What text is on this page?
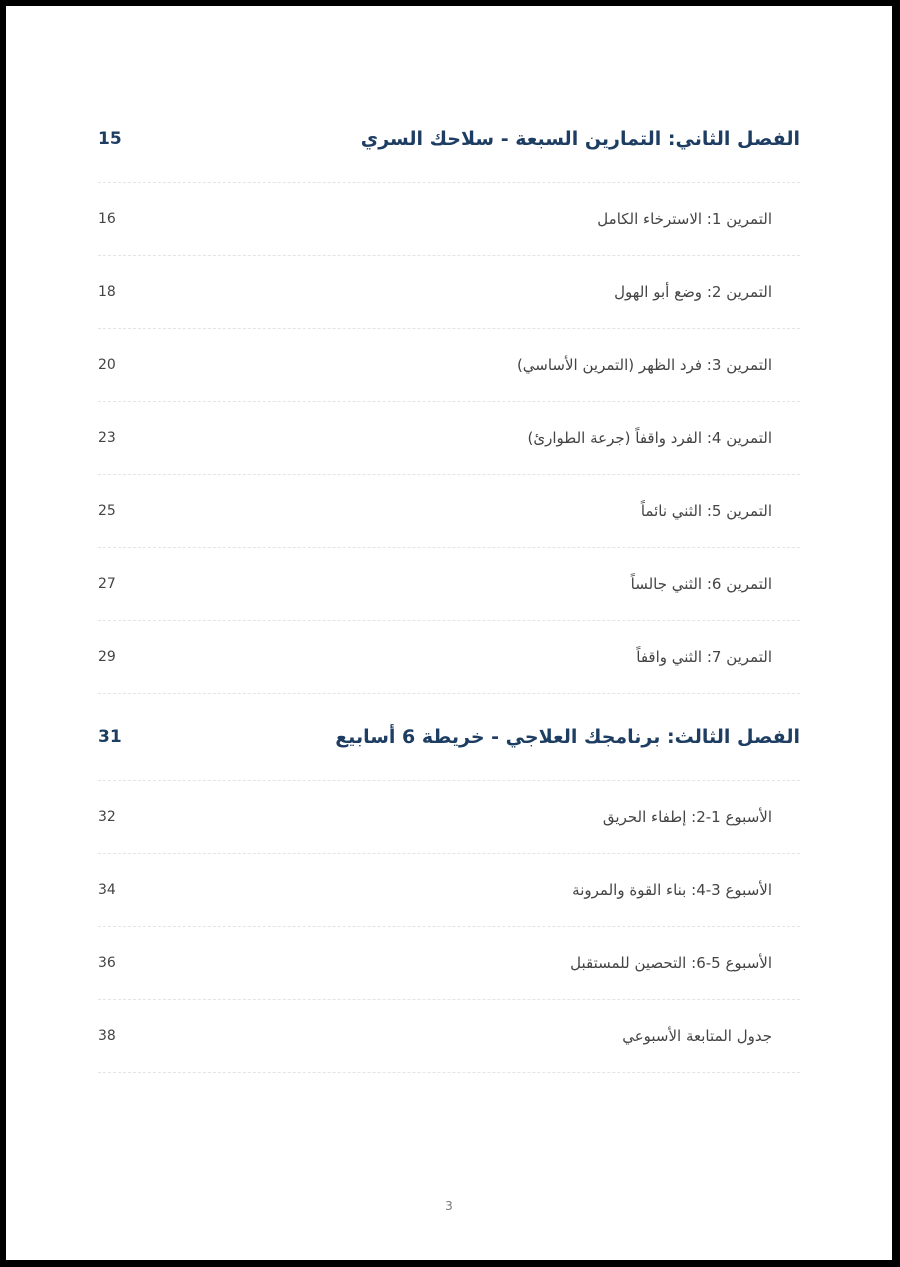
الفصل الثاني: التمارين السبعة - سلاحك السري
15
التمرين 1: الاسترخاء الكامل
16
التمرين 2: وضع أبو الهول
18
التمرين 3: فرد الظهر (التمرين الأساسي)
20
التمرين 4: الفرد واقفاً (جرعة الطوارئ)
23
التمرين 5: الثني نائماً
25
التمرين 6: الثني جالساً
27
التمرين 7: الثني واقفاً
29
الفصل الثالث: برنامجك العلاجي - خريطة 6 أسابيع
31
الأسبوع 1-2: إطفاء الحريق
32
الأسبوع 3-4: بناء القوة والمرونة
34
الأسبوع 5-6: التحصين للمستقبل
36
جدول المتابعة الأسبوعي
38
3
